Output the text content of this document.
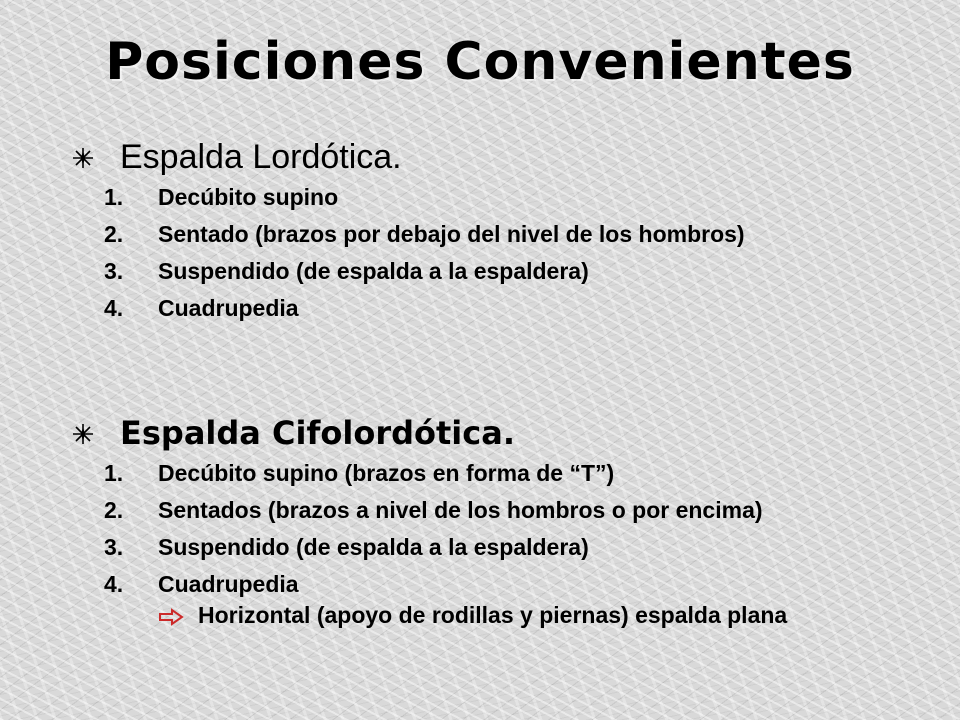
Posiciones Convenientes
Espalda Lordótica.
1.	Decúbito supino
2.	Sentado (brazos por debajo del nivel de los hombros)
3.	Suspendido (de espalda a la espaldera)
4.	Cuadrupedia
Espalda Cifolordótica.
1.	Decúbito supino (brazos en forma de “T”)
2.	Sentados (brazos a nivel de los hombros o por encima)
3.	Suspendido (de espalda a la espaldera)
4.	Cuadrupedia
Horizontal (apoyo de rodillas y piernas) espalda plana
